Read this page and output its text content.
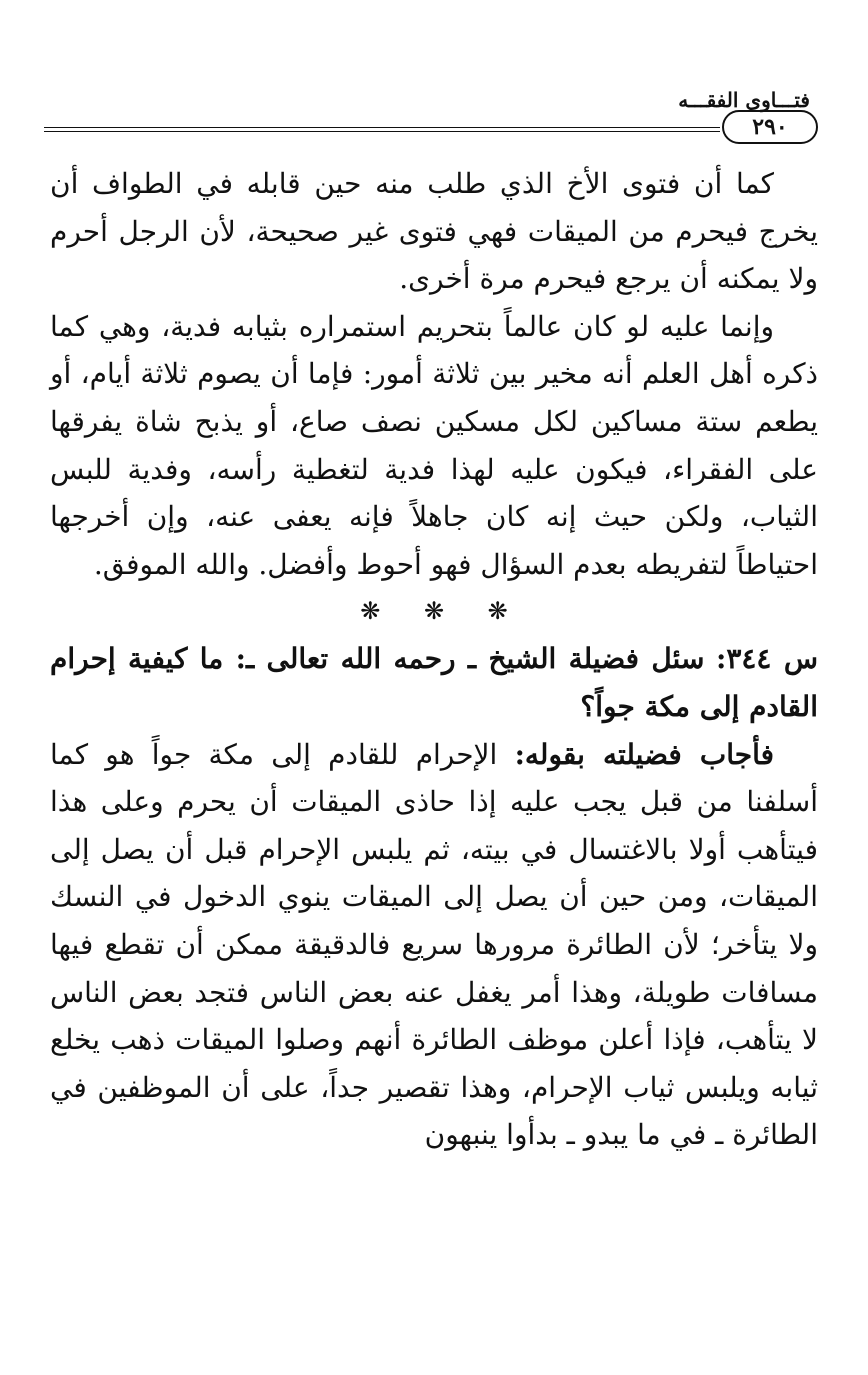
فتـــاوى الفقـــه
٢٩٠

كما أن فتوى الأخ الذي طلب منه حين قابله في الطواف أن يخرج فيحرم من الميقات فهي فتوى غير صحيحة، لأن الرجل أحرم ولا يمكنه أن يرجع فيحرم مرة أخرى.

وإنما عليه لو كان عالماً بتحريم استمراره بثيابه فدية، وهي كما ذكره أهل العلم أنه مخير بين ثلاثة أمور: فإما أن يصوم ثلاثة أيام، أو يطعم ستة مساكين لكل مسكين نصف صاع، أو يذبح شاة يفرقها على الفقراء، فيكون عليه لهذا فدية لتغطية رأسه، وفدية للبس الثياب، ولكن حيث إنه كان جاهلاً فإنه يعفى عنه، وإن أخرجها احتياطاً لتفريطه بعدم السؤال فهو أحوط وأفضل. والله الموفق.

❋ ❋ ❋

س ٣٤٤: سئل فضيلة الشيخ ـ رحمه الله تعالى ـ: ما كيفية إحرام القادم إلى مكة جواً؟

فأجاب فضيلته بقوله: الإحرام للقادم إلى مكة جواً هو كما أسلفنا من قبل يجب عليه إذا حاذى الميقات أن يحرم وعلى هذا فيتأهب أولا بالاغتسال في بيته، ثم يلبس الإحرام قبل أن يصل إلى الميقات، ومن حين أن يصل إلى الميقات ينوي الدخول في النسك ولا يتأخر؛ لأن الطائرة مرورها سريع فالدقيقة ممكن أن تقطع فيها مسافات طويلة، وهذا أمر يغفل عنه بعض الناس فتجد بعض الناس لا يتأهب، فإذا أعلن موظف الطائرة أنهم وصلوا الميقات ذهب يخلع ثيابه ويلبس ثياب الإحرام، وهذا تقصير جداً، على أن الموظفين في الطائرة ـ في ما يبدو ـ بدأوا ينبهون
